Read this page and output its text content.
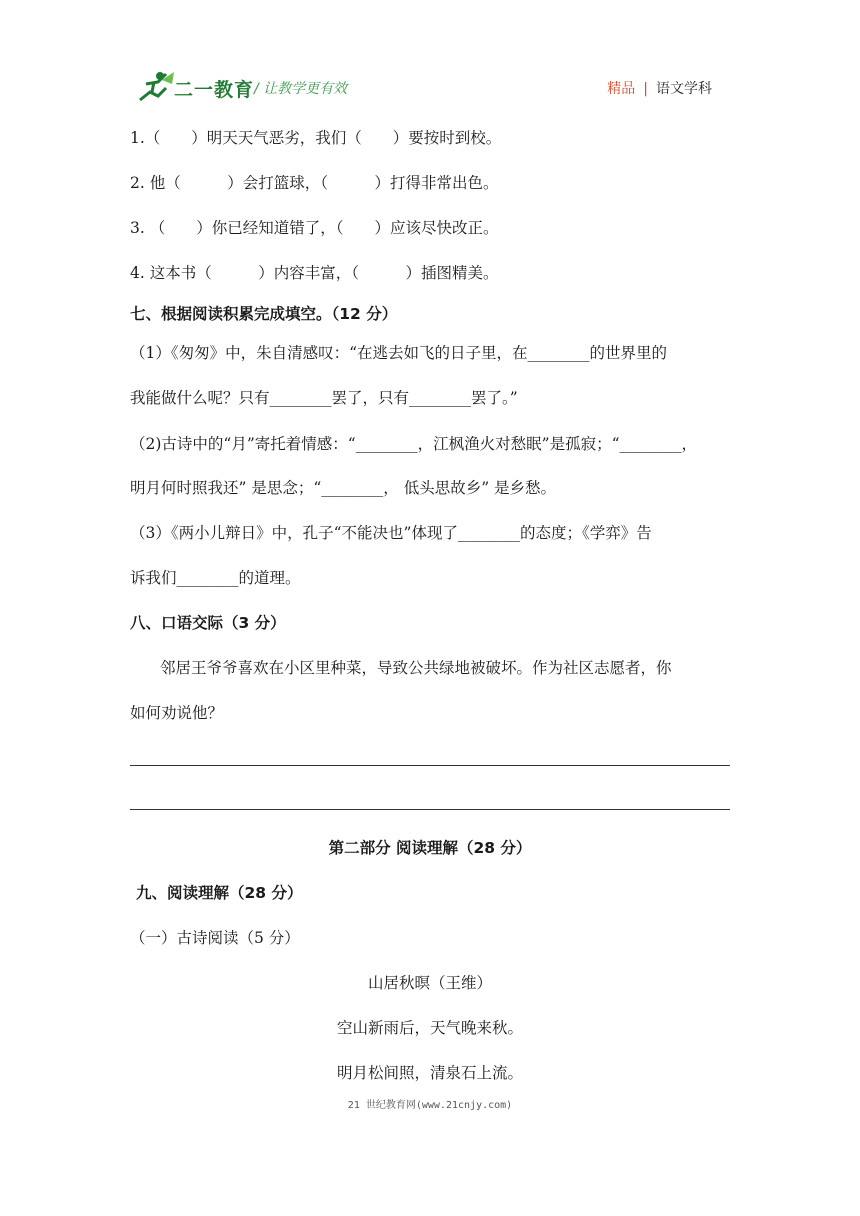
二一教育 / 让教学更有效	精品 | 语文学科
1.（　　）明天天气恶劣，我们（　　）要按时到校。
2. 他（　　　）会打篮球，（　　　）打得非常出色。
3. （　　）你已经知道错了，（　　）应该尽快改正。
4. 这本书（　　　）内容丰富，（　　　）插图精美。
七、根据阅读积累完成填空。（12 分）
（1）《匆匆》中，朱自清感叹：“在逃去如飞的日子里，在________的世界里的
我能做什么呢？只有________罢了，只有________罢了。”
（2)古诗中的“月”寄托着情感：“________，江枫渔火对愁眠”是孤寂；“________，
明月何时照我还” 是思念；“________， 低头思故乡” 是乡愁。
（3）《两小儿辩日》中，孔子“不能决也”体现了________的态度；《学弈》告
诉我们________的道理。
八、口语交际（3 分）
邻居王爷爷喜欢在小区里种菜，导致公共绿地被破坏。作为社区志愿者，你
如何劝说他？
第二部分 阅读理解（28 分）
九、阅读理解（28 分）
（一）古诗阅读（5 分）
山居秋暝（王维）
空山新雨后，天气晚来秋。
明月松间照，清泉石上流。
21 世纪教育网(www.21cnjy.com)
